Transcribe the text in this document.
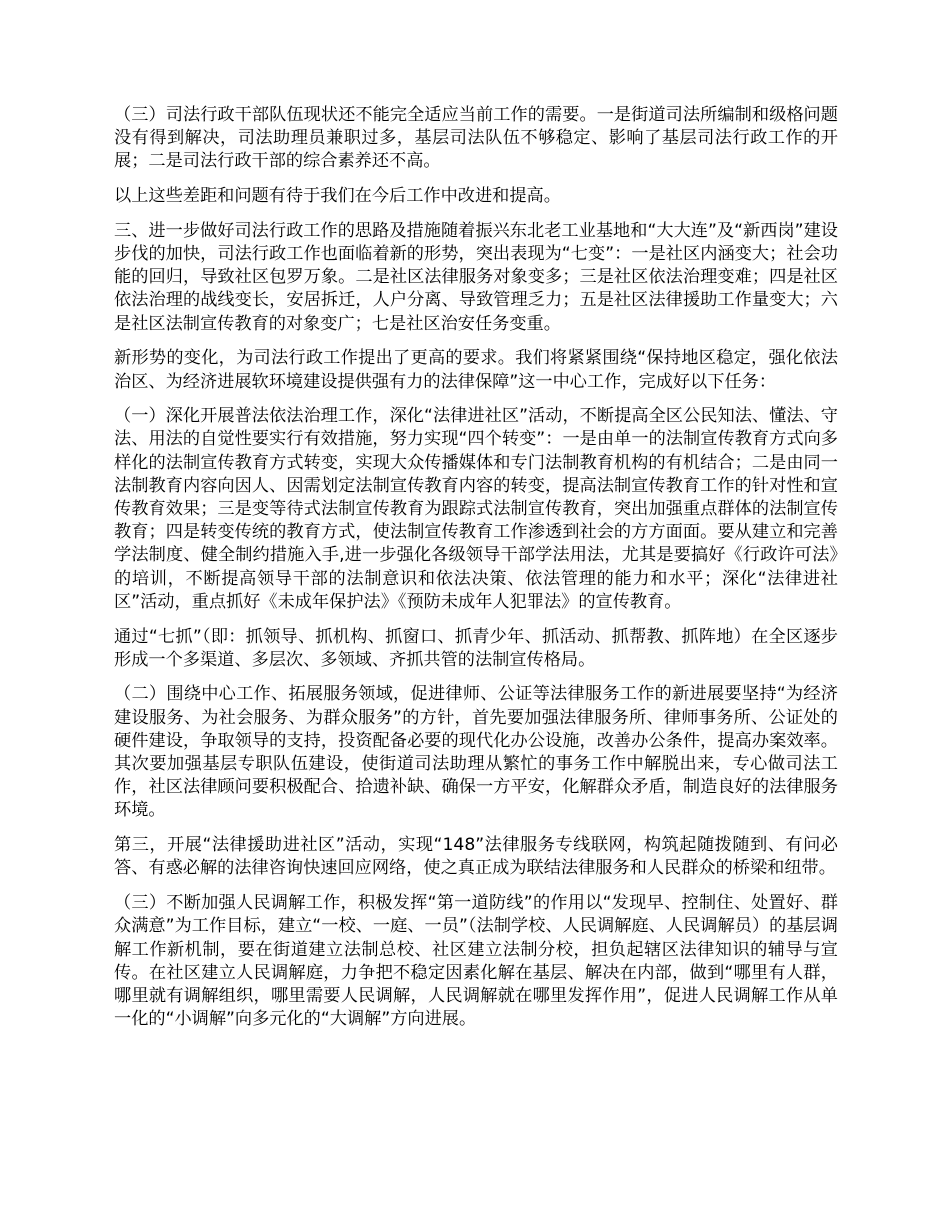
（三）司法行政干部队伍现状还不能完全适应当前工作的需要。一是街道司法所编制和级格问题没有得到解决，司法助理员兼职过多，基层司法队伍不够稳定、影响了基层司法行政工作的开展；二是司法行政干部的综合素养还不高。

以上这些差距和问题有待于我们在今后工作中改进和提高。

三、进一步做好司法行政工作的思路及措施随着振兴东北老工业基地和“大大连”及“新西岗”建设步伐的加快，司法行政工作也面临着新的形势，突出表现为“七变”：一是社区内涵变大；社会功能的回归，导致社区包罗万象。二是社区法律服务对象变多；三是社区依法治理变难；四是社区依法治理的战线变长，安居拆迁，人户分离、导致管理乏力；五是社区法律援助工作量变大；六是社区法制宣传教育的对象变广；七是社区治安任务变重。

新形势的变化，为司法行政工作提出了更高的要求。我们将紧紧围绕“保持地区稳定，强化依法治区、为经济进展软环境建设提供强有力的法律保障”这一中心工作，完成好以下任务：

（一）深化开展普法依法治理工作，深化“法律进社区”活动，不断提高全区公民知法、懂法、守法、用法的自觉性要实行有效措施，努力实现“四个转变”：一是由单一的法制宣传教育方式向多样化的法制宣传教育方式转变，实现大众传播媒体和专门法制教育机构的有机结合；二是由同一法制教育内容向因人、因需划定法制宣传教育内容的转变，提高法制宣传教育工作的针对性和宣传教育效果；三是变等待式法制宣传教育为跟踪式法制宣传教育，突出加强重点群体的法制宣传教育；四是转变传统的教育方式，使法制宣传教育工作渗透到社会的方方面面。要从建立和完善学法制度、健全制约措施入手,进一步强化各级领导干部学法用法，尤其是要搞好《行政许可法》的培训，不断提高领导干部的法制意识和依法决策、依法管理的能力和水平；深化“法律进社区”活动，重点抓好《未成年保护法》《预防未成年人犯罪法》的宣传教育。

通过“七抓”（即：抓领导、抓机构、抓窗口、抓青少年、抓活动、抓帮教、抓阵地）在全区逐步形成一个多渠道、多层次、多领域、齐抓共管的法制宣传格局。

（二）围绕中心工作、拓展服务领域，促进律师、公证等法律服务工作的新进展要坚持“为经济建设服务、为社会服务、为群众服务”的方针，首先要加强法律服务所、律师事务所、公证处的硬件建设，争取领导的支持，投资配备必要的现代化办公设施，改善办公条件，提高办案效率。其次要加强基层专职队伍建设，使街道司法助理从繁忙的事务工作中解脱出来，专心做司法工作，社区法律顾问要积极配合、拾遗补缺、确保一方平安，化解群众矛盾，制造良好的法律服务环境。

第三，开展“法律援助进社区”活动，实现“148”法律服务专线联网，构筑起随拨随到、有问必答、有惑必解的法律咨询快速回应网络，使之真正成为联结法律服务和人民群众的桥梁和纽带。

（三）不断加强人民调解工作，积极发挥“第一道防线”的作用以“发现早、控制住、处置好、群众满意”为工作目标，建立“一校、一庭、一员”（法制学校、人民调解庭、人民调解员）的基层调解工作新机制，要在街道建立法制总校、社区建立法制分校，担负起辖区法律知识的辅导与宣传。在社区建立人民调解庭，力争把不稳定因素化解在基层、解决在内部，做到“哪里有人群，哪里就有调解组织，哪里需要人民调解，人民调解就在哪里发挥作用”，促进人民调解工作从单一化的“小调解”向多元化的“大调解”方向进展。
